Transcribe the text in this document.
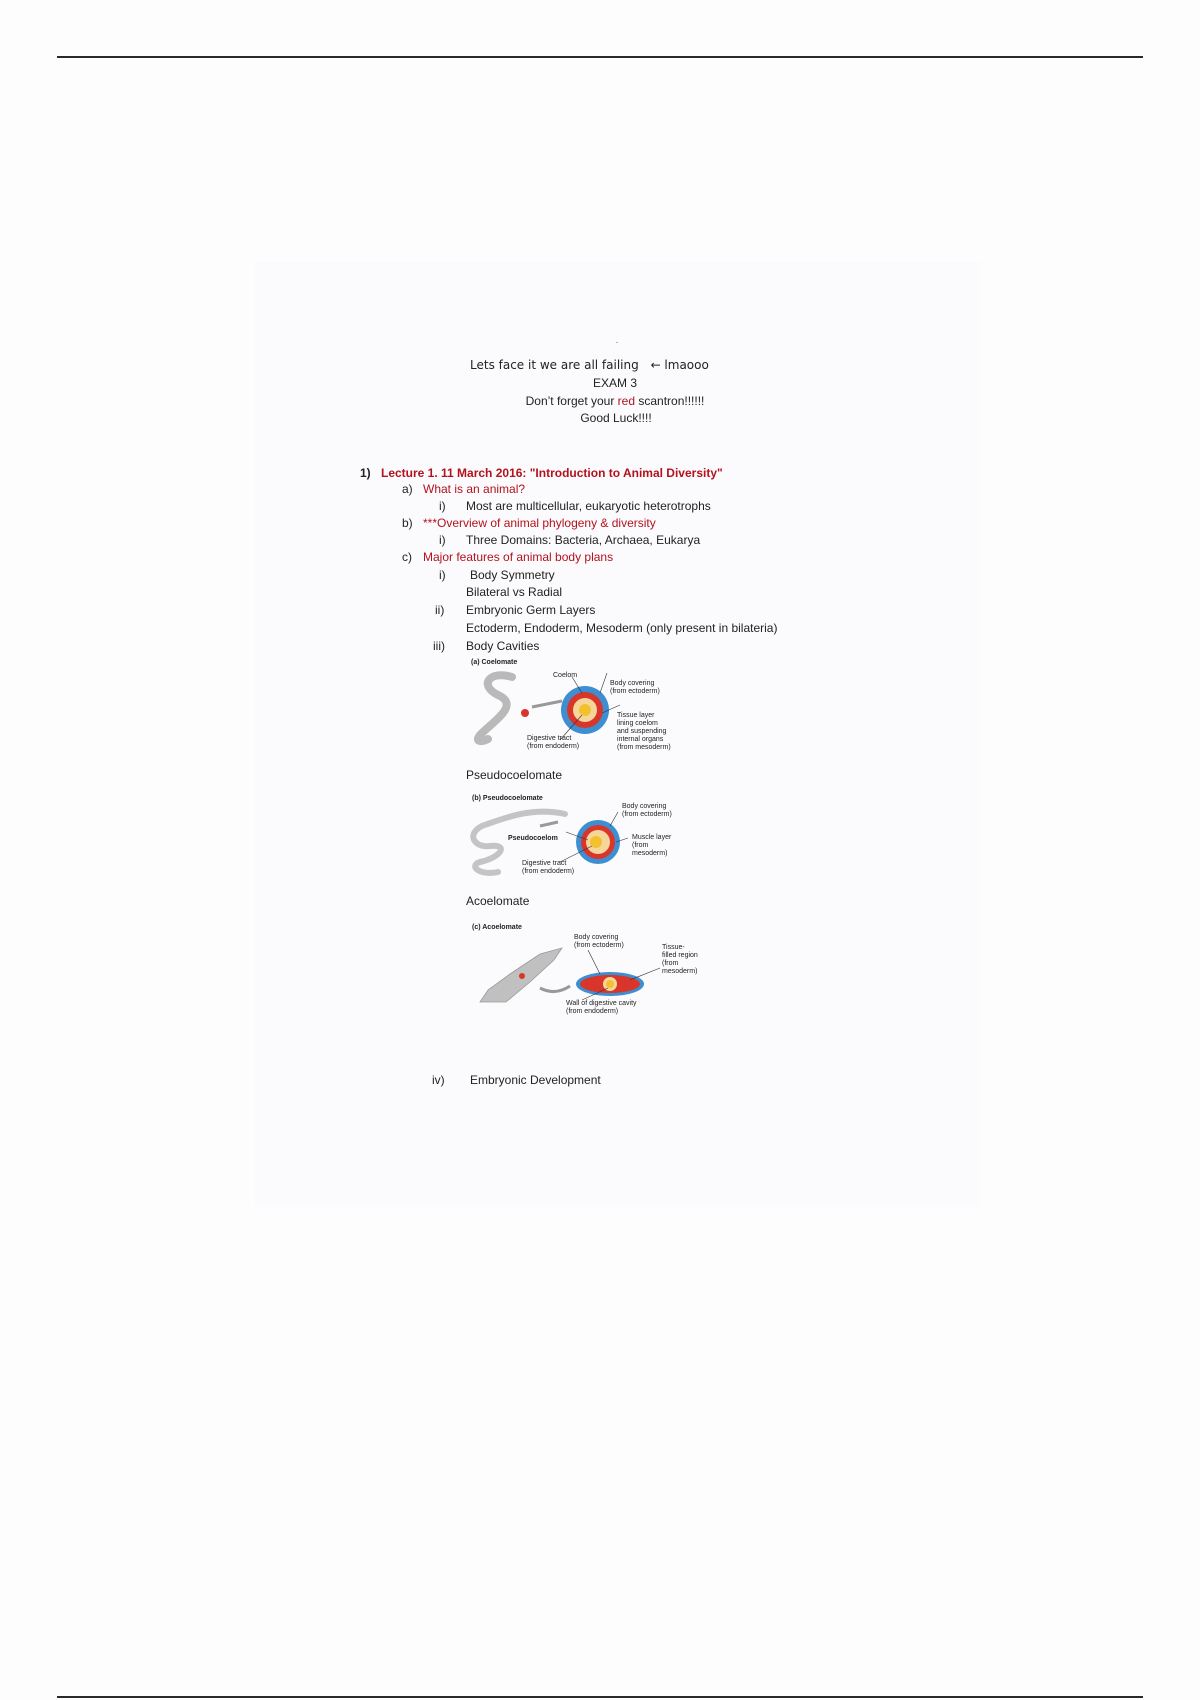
·
Lets face it we are all failing ← lmaooo
EXAM 3
Don’t forget your red scantron!!!!!!
Good Luck!!!!
1) Lecture 1. 11 March 2016: "Introduction to Animal Diversity"
a) What is an animal?
i) Most are multicellular, eukaryotic heterotrophs
b) ***Overview of animal phylogeny & diversity
i) Three Domains: Bacteria, Archaea, Eukarya
c) Major features of animal body plans
i) Body Symmetry
Bilateral vs Radial
ii) Embryonic Germ Layers
Ectoderm, Endoderm, Mesoderm (only present in bilateria)
iii) Body Cavities
(a) Coelomate
Coelom
Body covering
(from ectoderm)
Tissue layer
lining coelom
and suspending
internal organs
(from mesoderm)
Digestive tract
(from endoderm)
Pseudocoelomate
(b) Pseudocoelomate
Body covering
(from ectoderm)
Pseudocoelom	Muscle layer
(from
mesoderm)
Digestive tract
(from endoderm)
Acoelomate
(c) Acoelomate
Body covering
(from ectoderm)	Tissue-
filled region
(from
mesoderm)
Wall of digestive cavity
(from endoderm)
iv) Embryonic Development
